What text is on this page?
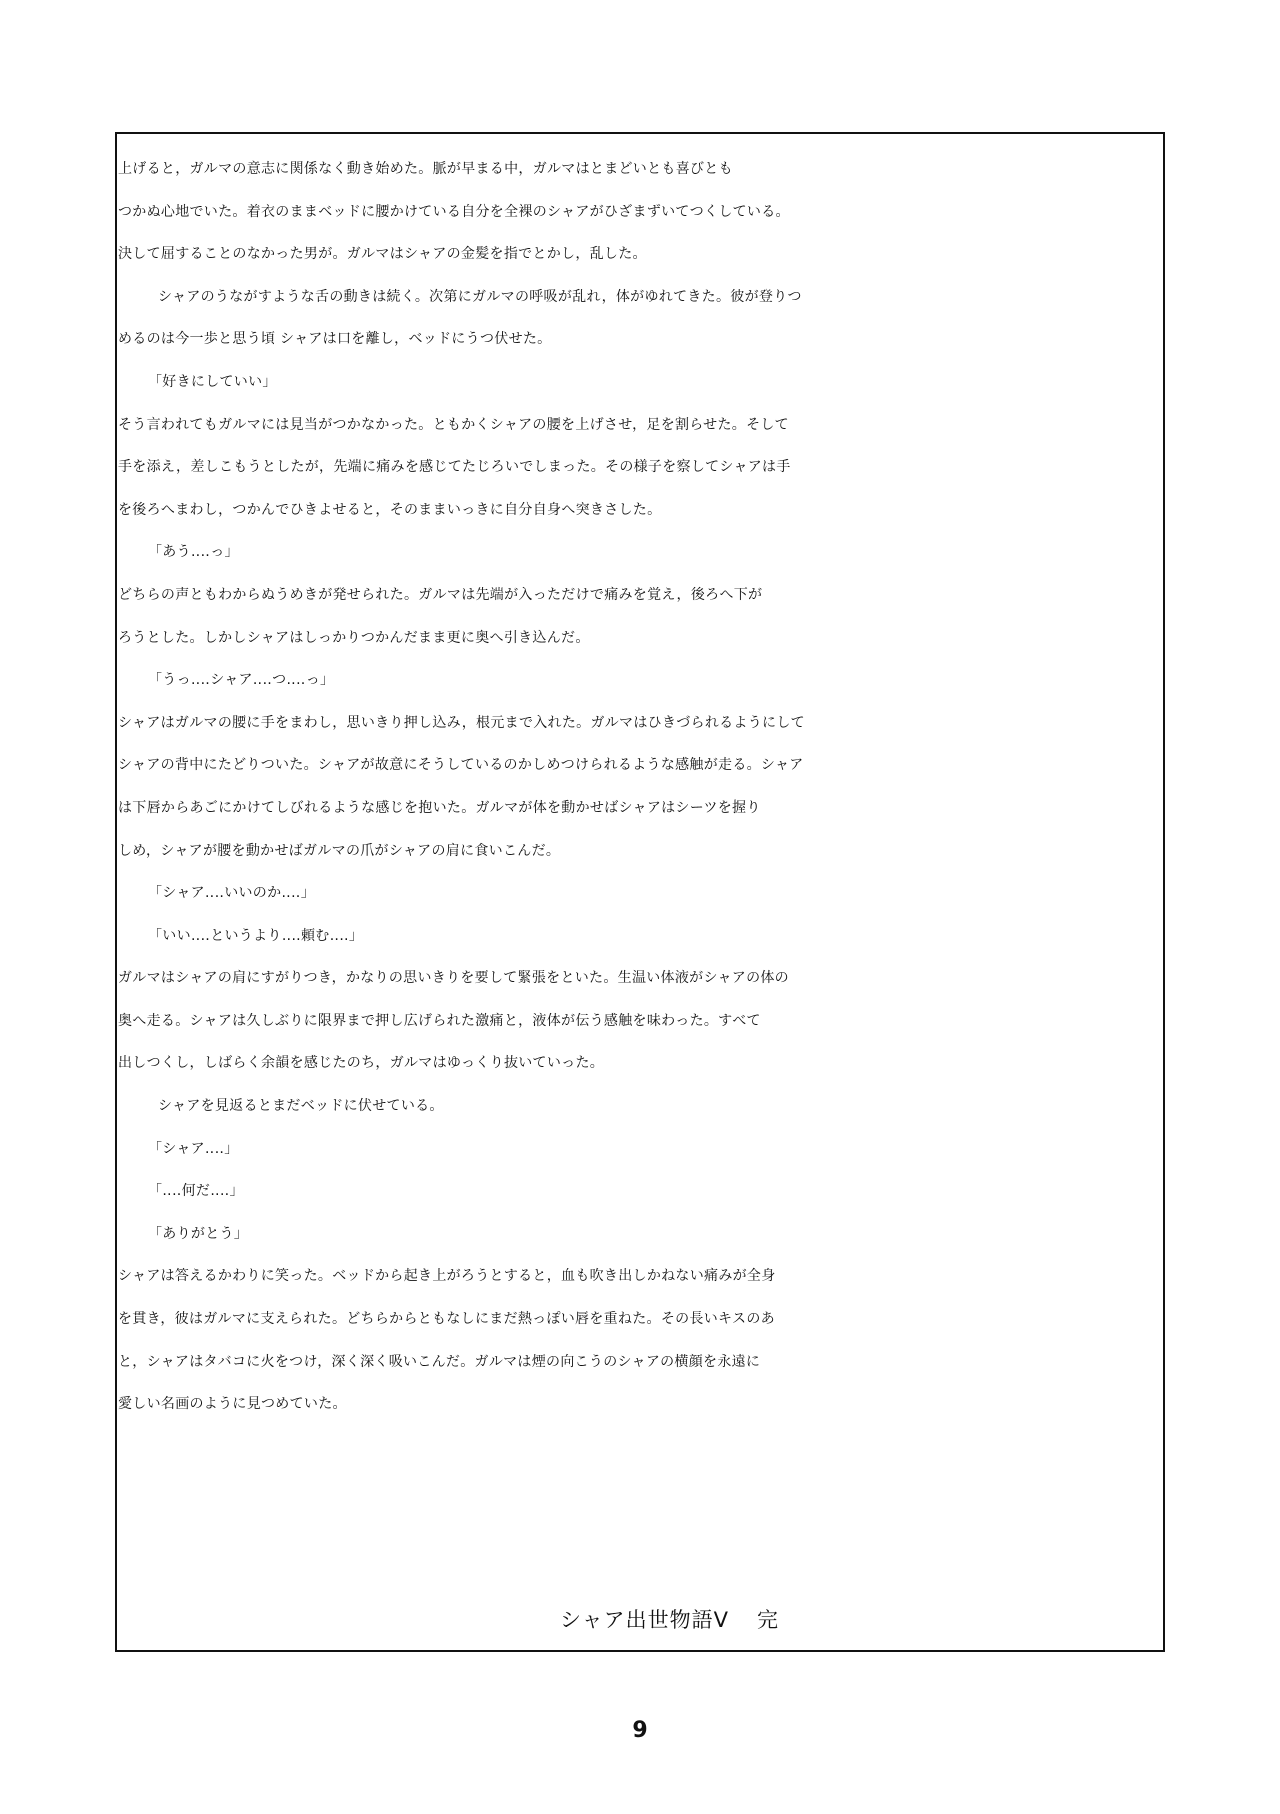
上げると，ガルマの意志に関係なく動き始めた。脈が早まる中，ガルマはとまどいとも喜びとも
つかぬ心地でいた。着衣のままベッドに腰かけている自分を全裸のシャアがひざまずいてつくしている。
決して屈することのなかった男が。ガルマはシャアの金髪を指でとかし，乱した。
シャアのうながすような舌の動きは続く。次第にガルマの呼吸が乱れ，体がゆれてきた。彼が登りつ
めるのは今一歩と思う頃 シャアは口を離し，ベッドにうつ伏せた。
「好きにしていい」
そう言われてもガルマには見当がつかなかった。ともかくシャアの腰を上げさせ，足を割らせた。そして
手を添え，差しこもうとしたが，先端に痛みを感じてたじろいでしまった。その様子を察してシャアは手
を後ろへまわし，つかんでひきよせると，そのままいっきに自分自身へ突きさした。
「あう‥‥っ」
どちらの声ともわからぬうめきが発せられた。ガルマは先端が入っただけで痛みを覚え，後ろへ下が
ろうとした。しかしシャアはしっかりつかんだまま更に奥へ引き込んだ。
「うっ‥‥シャア‥‥つ‥‥っ」
シャアはガルマの腰に手をまわし，思いきり押し込み，根元まで入れた。ガルマはひきづられるようにして
シャアの背中にたどりついた。シャアが故意にそうしているのかしめつけられるような感触が走る。シャア
は下唇からあごにかけてしびれるような感じを抱いた。ガルマが体を動かせばシャアはシーツを握り
しめ，シャアが腰を動かせばガルマの爪がシャアの肩に食いこんだ。
「シャア‥‥いいのか‥‥」
「いい‥‥というより‥‥頼む‥‥」
ガルマはシャアの肩にすがりつき，かなりの思いきりを要して緊張をといた。生温い体液がシャアの体の
奥へ走る。シャアは久しぶりに限界まで押し広げられた激痛と，液体が伝う感触を味わった。すべて
出しつくし，しばらく余韻を感じたのち，ガルマはゆっくり抜いていった。
シャアを見返るとまだベッドに伏せている。
「シャア‥‥」
「‥‥何だ‥‥」
「ありがとう」
シャアは答えるかわりに笑った。ベッドから起き上がろうとすると，血も吹き出しかねない痛みが全身
を貫き，彼はガルマに支えられた。どちらからともなしにまだ熱っぽい唇を重ねた。その長いキスのあ
と，シャアはタバコに火をつけ，深く深く吸いこんだ。ガルマは煙の向こうのシャアの横顔を永遠に
愛しい名画のように見つめていた。
シャア出世物語Ⅴ 完
9
